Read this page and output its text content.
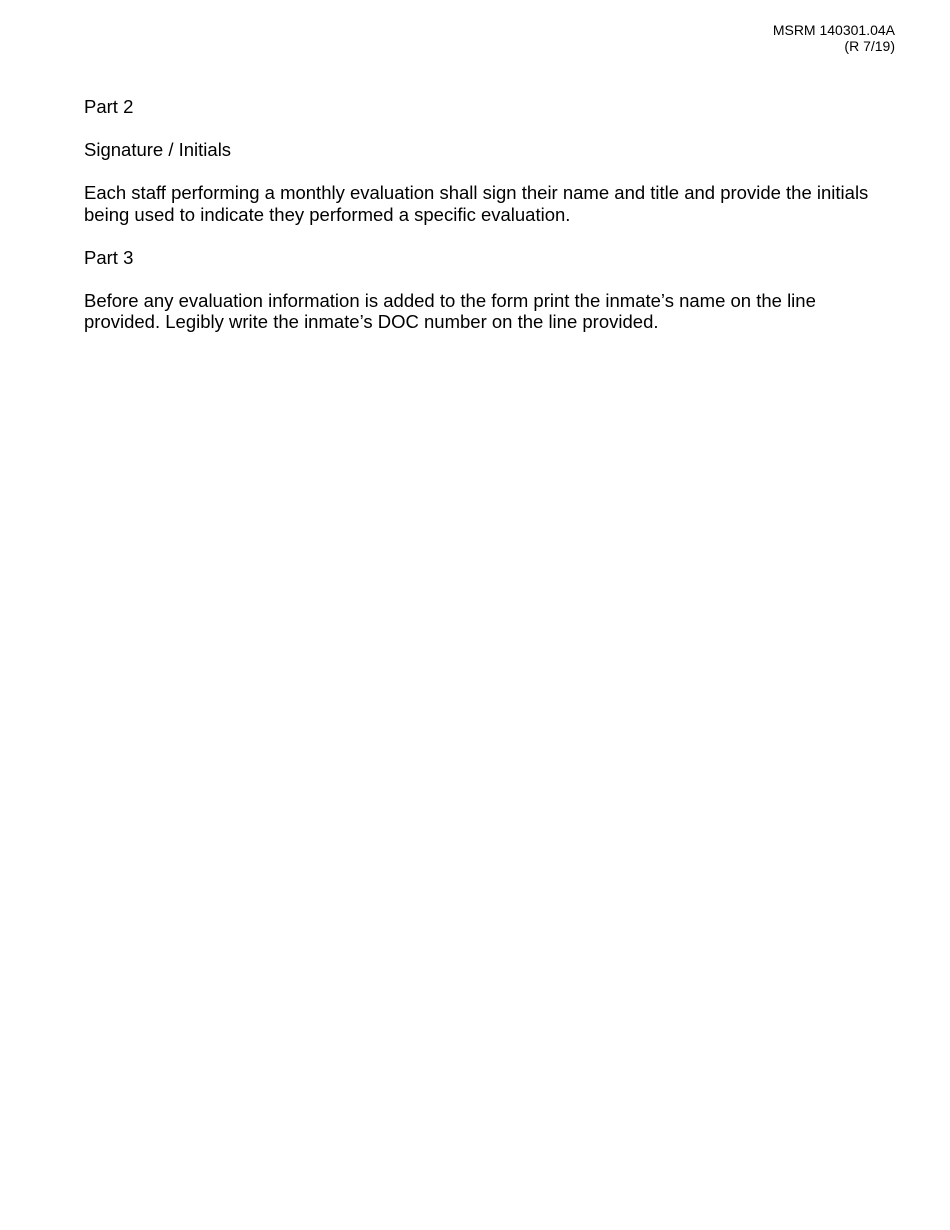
MSRM 140301.04A
(R 7/19)
Part 2
Signature / Initials
Each staff performing a monthly evaluation shall sign their name and title and provide the initials
being used to indicate they performed a specific evaluation.
Part 3
Before any evaluation information is added to the form print the inmate’s name on the line
provided. Legibly write the inmate’s DOC number on the line provided.
